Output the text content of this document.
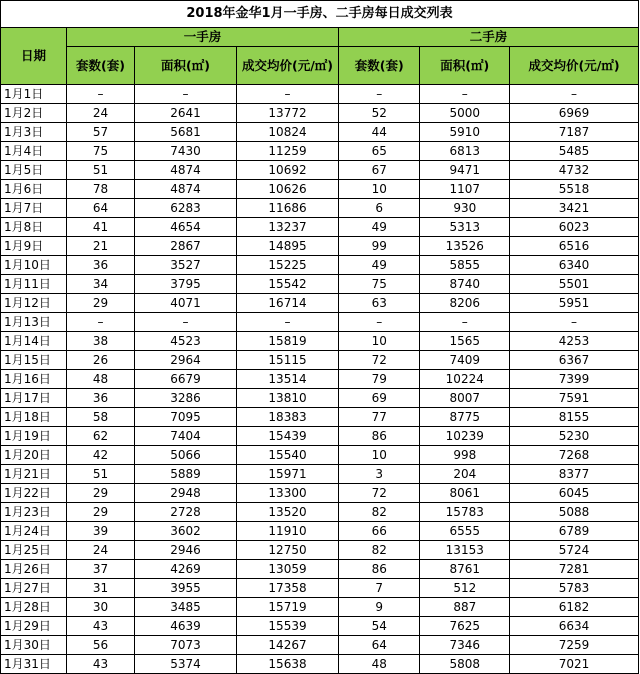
2018年金华1月一手房、二手房每日成交列表						
日期	一手房			二手房		
	套数(套)	面积(㎡)	成交均价(元/㎡)	套数(套)	面积(㎡)	成交均价(元/㎡)
1月1日	–	–	–	–	–	–
1月2日	24	2641	13772	52	5000	6969
1月3日	57	5681	10824	44	5910	7187
1月4日	75	7430	11259	65	6813	5485
1月5日	51	4874	10692	67	9471	4732
1月6日	78	4874	10626	10	1107	5518
1月7日	64	6283	11686	6	930	3421
1月8日	41	4654	13237	49	5313	6023
1月9日	21	2867	14895	99	13526	6516
1月10日	36	3527	15225	49	5855	6340
1月11日	34	3795	15542	75	8740	5501
1月12日	29	4071	16714	63	8206	5951
1月13日	–	–	–	–	–	–
1月14日	38	4523	15819	10	1565	4253
1月15日	26	2964	15115	72	7409	6367
1月16日	48	6679	13514	79	10224	7399
1月17日	36	3286	13810	69	8007	7591
1月18日	58	7095	18383	77	8775	8155
1月19日	62	7404	15439	86	10239	5230
1月20日	42	5066	15540	10	998	7268
1月21日	51	5889	15971	3	204	8377
1月22日	29	2948	13300	72	8061	6045
1月23日	29	2728	13520	82	15783	5088
1月24日	39	3602	11910	66	6555	6789
1月25日	24	2946	12750	82	13153	5724
1月26日	37	4269	13059	86	8761	7281
1月27日	31	3955	17358	7	512	5783
1月28日	30	3485	15719	9	887	6182
1月29日	43	4639	15539	54	7625	6634
1月30日	56	7073	14267	64	7346	7259
1月31日	43	5374	15638	48	5808	7021
